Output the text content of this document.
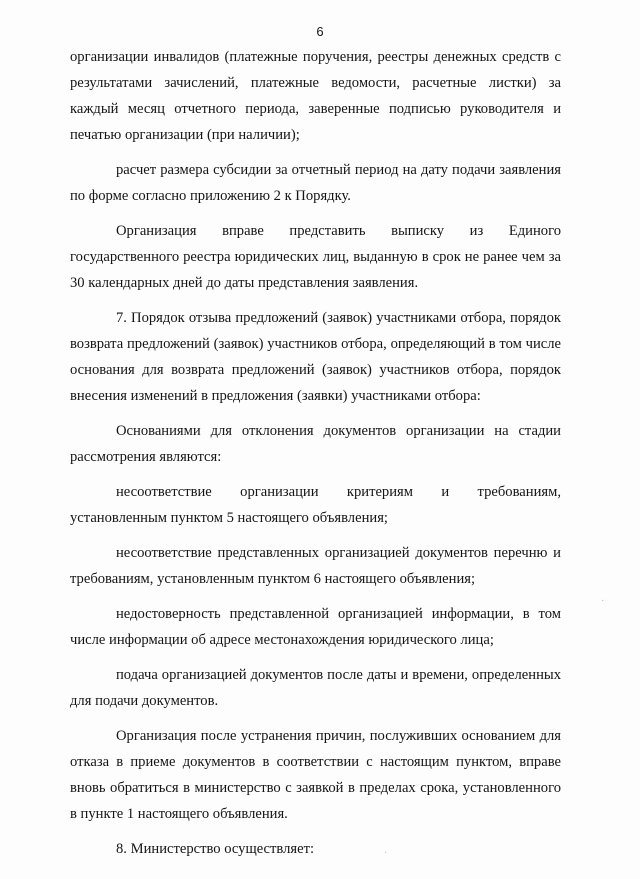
6

организации инвалидов (платежные поручения, реестры денежных средств с результатами зачислений, платежные ведомости, расчетные листки) за каждый месяц отчетного периода, заверенные подписью руководителя и печатью организации (при наличии);

расчет размера субсидии за отчетный период на дату подачи заявления по форме согласно приложению 2 к Порядку.

Организация вправе представить выписку из Единого государственного реестра юридических лиц, выданную в срок не ранее чем за 30 календарных дней до даты представления заявления.

7. Порядок отзыва предложений (заявок) участниками отбора, порядок возврата предложений (заявок) участников отбора, определяющий в том числе основания для возврата предложений (заявок) участников отбора, порядок внесения изменений в предложения (заявки) участниками отбора:

Основаниями для отклонения документов организации на стадии рассмотрения являются:

несоответствие организации критериям и требованиям, установленным пунктом 5 настоящего объявления;

несоответствие представленных организацией документов перечню и требованиям, установленным пунктом 6 настоящего объявления;

недостоверность представленной организацией информации, в том числе информации об адресе местонахождения юридического лица;

подача организацией документов после даты и времени, определенных для подачи документов.

Организация после устранения причин, послуживших основанием для отказа в приеме документов в соответствии с настоящим пунктом, вправе вновь обратиться в министерство с заявкой в пределах срока, установленного в пункте 1 настоящего объявления.

8. Министерство осуществляет:

·
·
